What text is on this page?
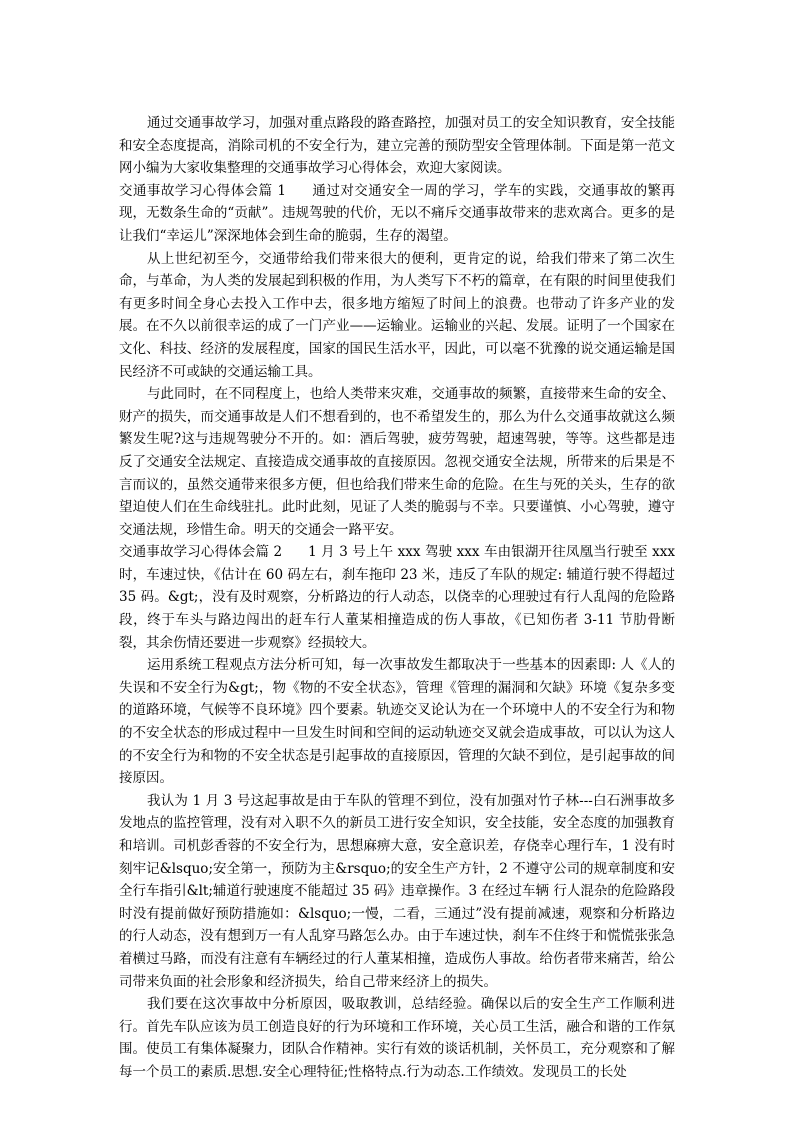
通过交通事故学习，加强对重点路段的路查路控，加强对员工的安全知识教育，安全技能和安全态度提高，消除司机的不安全行为，建立完善的预防型安全管理体制。下面是第一范文网小编为大家收集整理的交通事故学习心得体会，欢迎大家阅读。

交通事故学习心得体会篇 1 通过对交通安全一周的学习，学车的实践，交通事故的繁再现，无数条生命的“贡献”。违规驾驶的代价，无以不痛斥交通事故带来的悲欢离合。更多的是让我们“幸运儿”深深地体会到生命的脆弱，生存的渴望。

从上世纪初至今，交通带给我们带来很大的便利，更肯定的说，给我们带来了第二次生命，与革命，为人类的发展起到积极的作用，为人类写下不朽的篇章，在有限的时间里使我们有更多时间全身心去投入工作中去，很多地方缩短了时间上的浪费。也带动了许多产业的发展。在不久以前很幸运的成了一门产业——运输业。运输业的兴起、发展。证明了一个国家在文化、科技、经济的发展程度，国家的国民生活水平，因此，可以毫不犹豫的说交通运输是国民经济不可或缺的交通运输工具。

与此同时，在不同程度上，也给人类带来灾难，交通事故的频繁，直接带来生命的安全、财产的损失，而交通事故是人们不想看到的，也不希望发生的，那么为什么交通事故就这么频繁发生呢?这与违规驾驶分不开的。如：酒后驾驶，疲劳驾驶，超速驾驶，等等。这些都是违反了交通安全法规定、直接造成交通事故的直接原因。忽视交通安全法规，所带来的后果是不言而议的，虽然交通带来很多方便，但也给我们带来生命的危险。在生与死的关头，生存的欲望迫使人们在生命线驻扎。此时此刻，见证了人类的脆弱与不幸。只要谨慎、小心驾驶，遵守交通法规，珍惜生命。明天的交通会一路平安。

交通事故学习心得体会篇 2 1 月 3 号上午 xxx 驾驶 xxx 车由银湖开往凤凰当行驶至 xxx 时，车速过快，《估计在 60 码左右，刹车拖印 23 米，违反了车队的规定: 辅道行驶不得超过 35 码。&gt;，没有及时观察，分析路边的行人动态，以侥幸的心理驶过有行人乱闯的危险路段，终于车头与路边闯出的赶车行人董某相撞造成的伤人事故，《已知伤者 3-11 节肋骨断裂，其余伤情还要进一步观察》经损较大。

运用系统工程观点方法分析可知，每一次事故发生都取决于一些基本的因素即: 人《人的失误和不安全行为&gt;，物《物的不安全状态》，管理《管理的漏洞和欠缺》环境《复杂多变的道路环境，气候等不良环境》四个要素。轨迹交叉论认为在一个环境中人的不安全行为和物的不安全状态的形成过程中一旦发生时间和空间的运动轨迹交叉就会造成事故，可以认为这人的不安全行为和物的不安全状态是引起事故的直接原因，管理的欠缺不到位，是引起事故的间接原因。

我认为 1 月 3 号这起事故是由于车队的管理不到位，没有加强对竹子林---白石洲事故多发地点的监控管理，没有对入职不久的新员工进行安全知识，安全技能，安全态度的加强教育和培训。司机彭香蓉的不安全行为，思想麻痹大意，安全意识差，存侥幸心理行车，1 没有时刻牢记&lsquo;安全第一，预防为主&rsquo;的安全生产方针，2 不遵守公司的规章制度和安全行车指引&lt;辅道行驶速度不能超过 35 码》违章操作。3 在经过车辆 行人混杂的危险路段时没有提前做好预防措施如：&lsquo;一慢，二看，三通过”没有提前减速，观察和分析路边的行人动态，没有想到万一有人乱穿马路怎么办。由于车速过快，刹车不住终于和慌慌张张急着横过马路，而没有注意有车辆经过的行人董某相撞，造成伤人事故。给伤者带来痛苦，给公司带来负面的社会形象和经济损失，给自己带来经济上的损失。

我们要在这次事故中分析原因，吸取教训，总结经验。确保以后的安全生产工作顺利进行。首先车队应该为员工创造良好的行为环境和工作环境，关心员工生活，融合和谐的工作氛围。使员工有集体凝聚力，团队合作精神。实行有效的谈话机制，关怀员工，充分观察和了解每一个员工的素质.思想.安全心理特征;性格特点.行为动态.工作绩效。发现员工的长处
